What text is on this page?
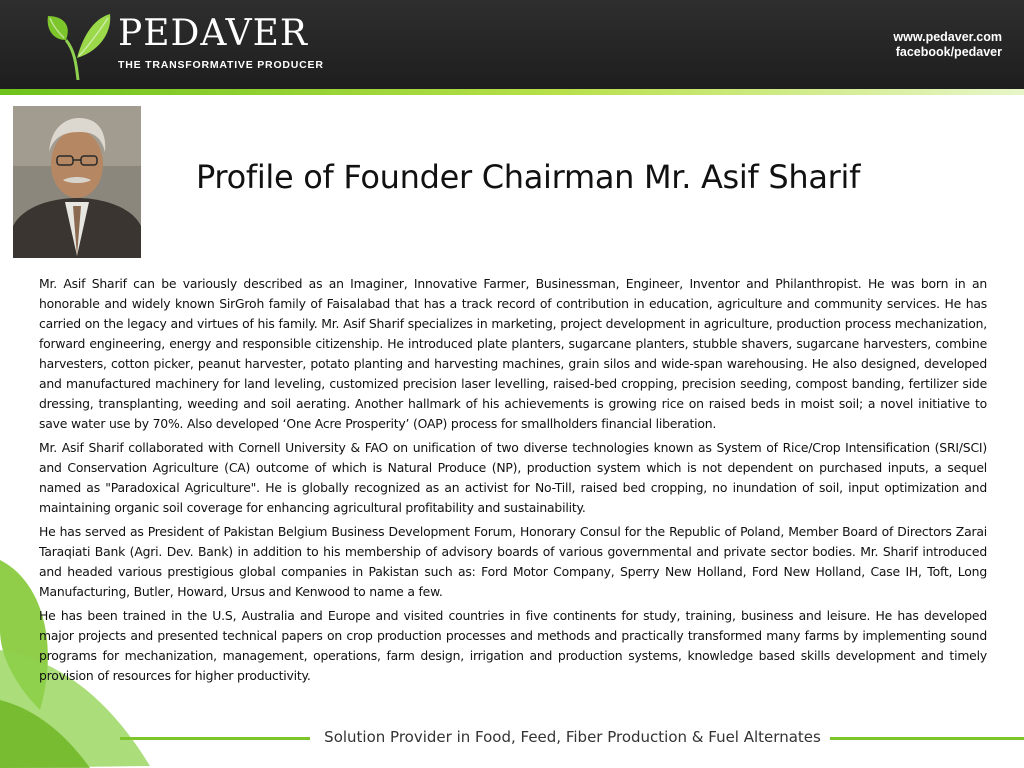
PEDAVER
THE TRANSFORMATIVE PRODUCER
www.pedaver.com
facebook/pedaver
Profile of Founder Chairman Mr. Asif Sharif

Mr. Asif Sharif can be variously described as an Imaginer, Innovative Farmer, Businessman, Engineer, Inventor and Philanthropist. He was born in an honorable and widely known SirGroh family of Faisalabad that has a track record of contribution in education, agriculture and community services. He has carried on the legacy and virtues of his family. Mr. Asif Sharif specializes in marketing, project development in agriculture, production process mechanization, forward engineering, energy and responsible citizenship. He introduced plate planters, sugarcane planters, stubble shavers, sugarcane harvesters, combine harvesters, cotton picker, peanut harvester, potato planting and harvesting machines, grain silos and wide-span warehousing. He also designed, developed and manufactured machinery for land leveling, customized precision laser levelling, raised-bed cropping, precision seeding, compost banding, fertilizer side dressing, transplanting, weeding and soil aerating. Another hallmark of his achievements is growing rice on raised beds in moist soil; a novel initiative to save water use by 70%. Also developed ‘One Acre Prosperity’ (OAP) process for smallholders financial liberation.

Mr. Asif Sharif collaborated with Cornell University & FAO on unification of two diverse technologies known as System of Rice/Crop Intensification (SRI/SCI) and Conservation Agriculture (CA) outcome of which is Natural Produce (NP), production system which is not dependent on purchased inputs, a sequel named as "Paradoxical Agriculture". He is globally recognized as an activist for No-Till, raised bed cropping, no inundation of soil, input optimization and maintaining organic soil coverage for enhancing agricultural profitability and sustainability.

He has served as President of Pakistan Belgium Business Development Forum, Honorary Consul for the Republic of Poland, Member Board of Directors Zarai Taraqiati Bank (Agri. Dev. Bank) in addition to his membership of advisory boards of various governmental and private sector bodies. Mr. Sharif introduced and headed various prestigious global companies in Pakistan such as: Ford Motor Company, Sperry New Holland, Ford New Holland, Case IH, Toft, Long Manufacturing, Butler, Howard, Ursus and Kenwood to name a few.

He has been trained in the U.S, Australia and Europe and visited countries in five continents for study, training, business and leisure. He has developed major projects and presented technical papers on crop production processes and methods and practically transformed many farms by implementing sound programs for mechanization, management, operations, farm design, irrigation and production systems, knowledge based skills development and timely provision of resources for higher productivity.

Solution Provider in Food, Feed, Fiber Production & Fuel Alternates
